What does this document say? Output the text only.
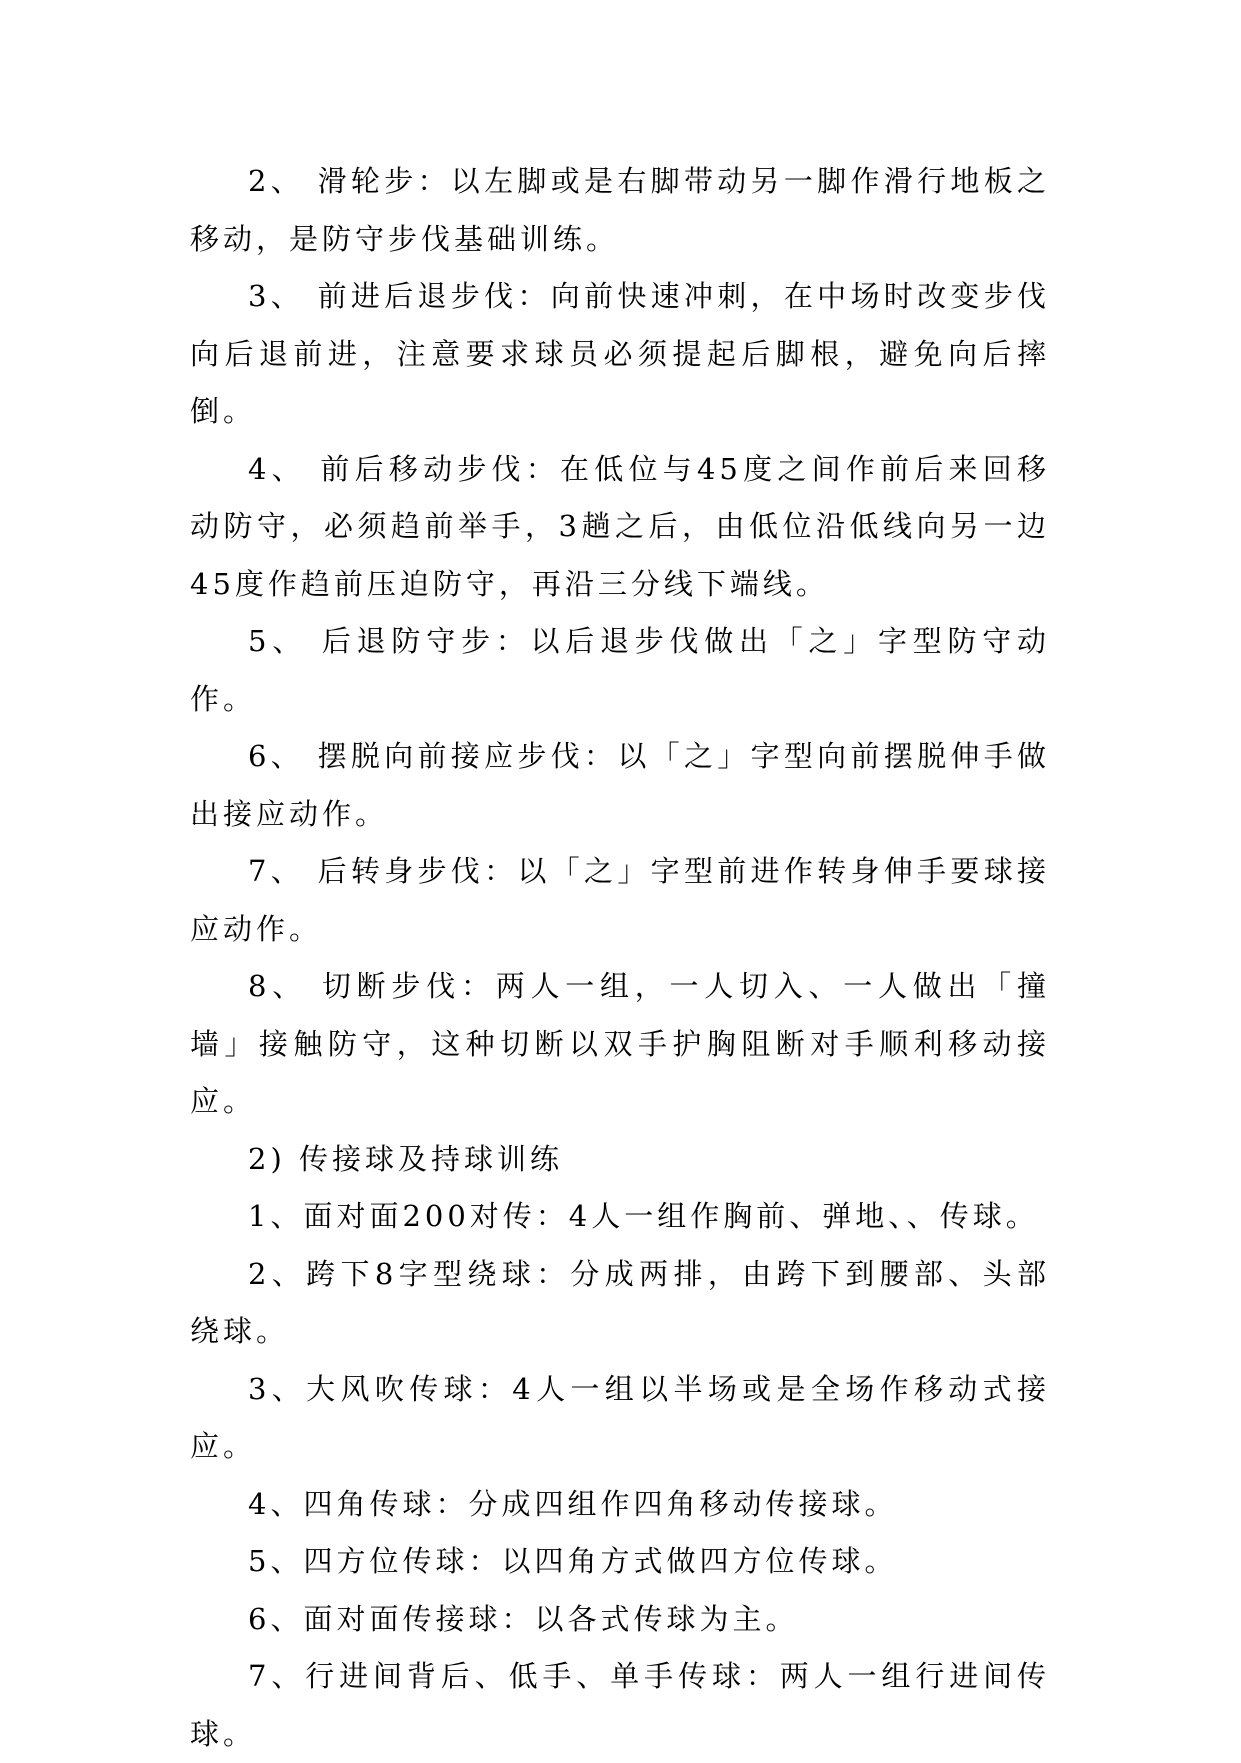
2、 滑轮步：以左脚或是右脚带动另一脚作滑行地板之移动，是防守步伐基础训练。

3、 前进后退步伐：向前快速冲刺，在中场时改变步伐向后退前进，注意要求球员必须提起后脚根，避免向后摔倒。

4、 前后移动步伐：在低位与45度之间作前后来回移动防守，必须趋前举手，3趟之后，由低位沿低线向另一边45度作趋前压迫防守，再沿三分线下端线。

5、 后退防守步：以后退步伐做出「之」字型防守动作。

6、 摆脱向前接应步伐：以「之」字型向前摆脱伸手做出接应动作。

7、 后转身步伐：以「之」字型前进作转身伸手要球接应动作。

8、 切断步伐：两人一组，一人切入、一人做出「撞墙」接触防守，这种切断以双手护胸阻断对手顺利移动接应。

2) 传接球及持球训练

1、面对面200对传：4人一组作胸前、弹地、、传球。

2、跨下8字型绕球：分成两排，由跨下到腰部、头部绕球。

3、大风吹传球：4人一组以半场或是全场作移动式接应。

4、四角传球：分成四组作四角移动传接球。

5、四方位传球：以四角方式做四方位传球。

6、面对面传接球：以各式传球为主。

7、行进间背后、低手、单手传球：两人一组行进间传球。
